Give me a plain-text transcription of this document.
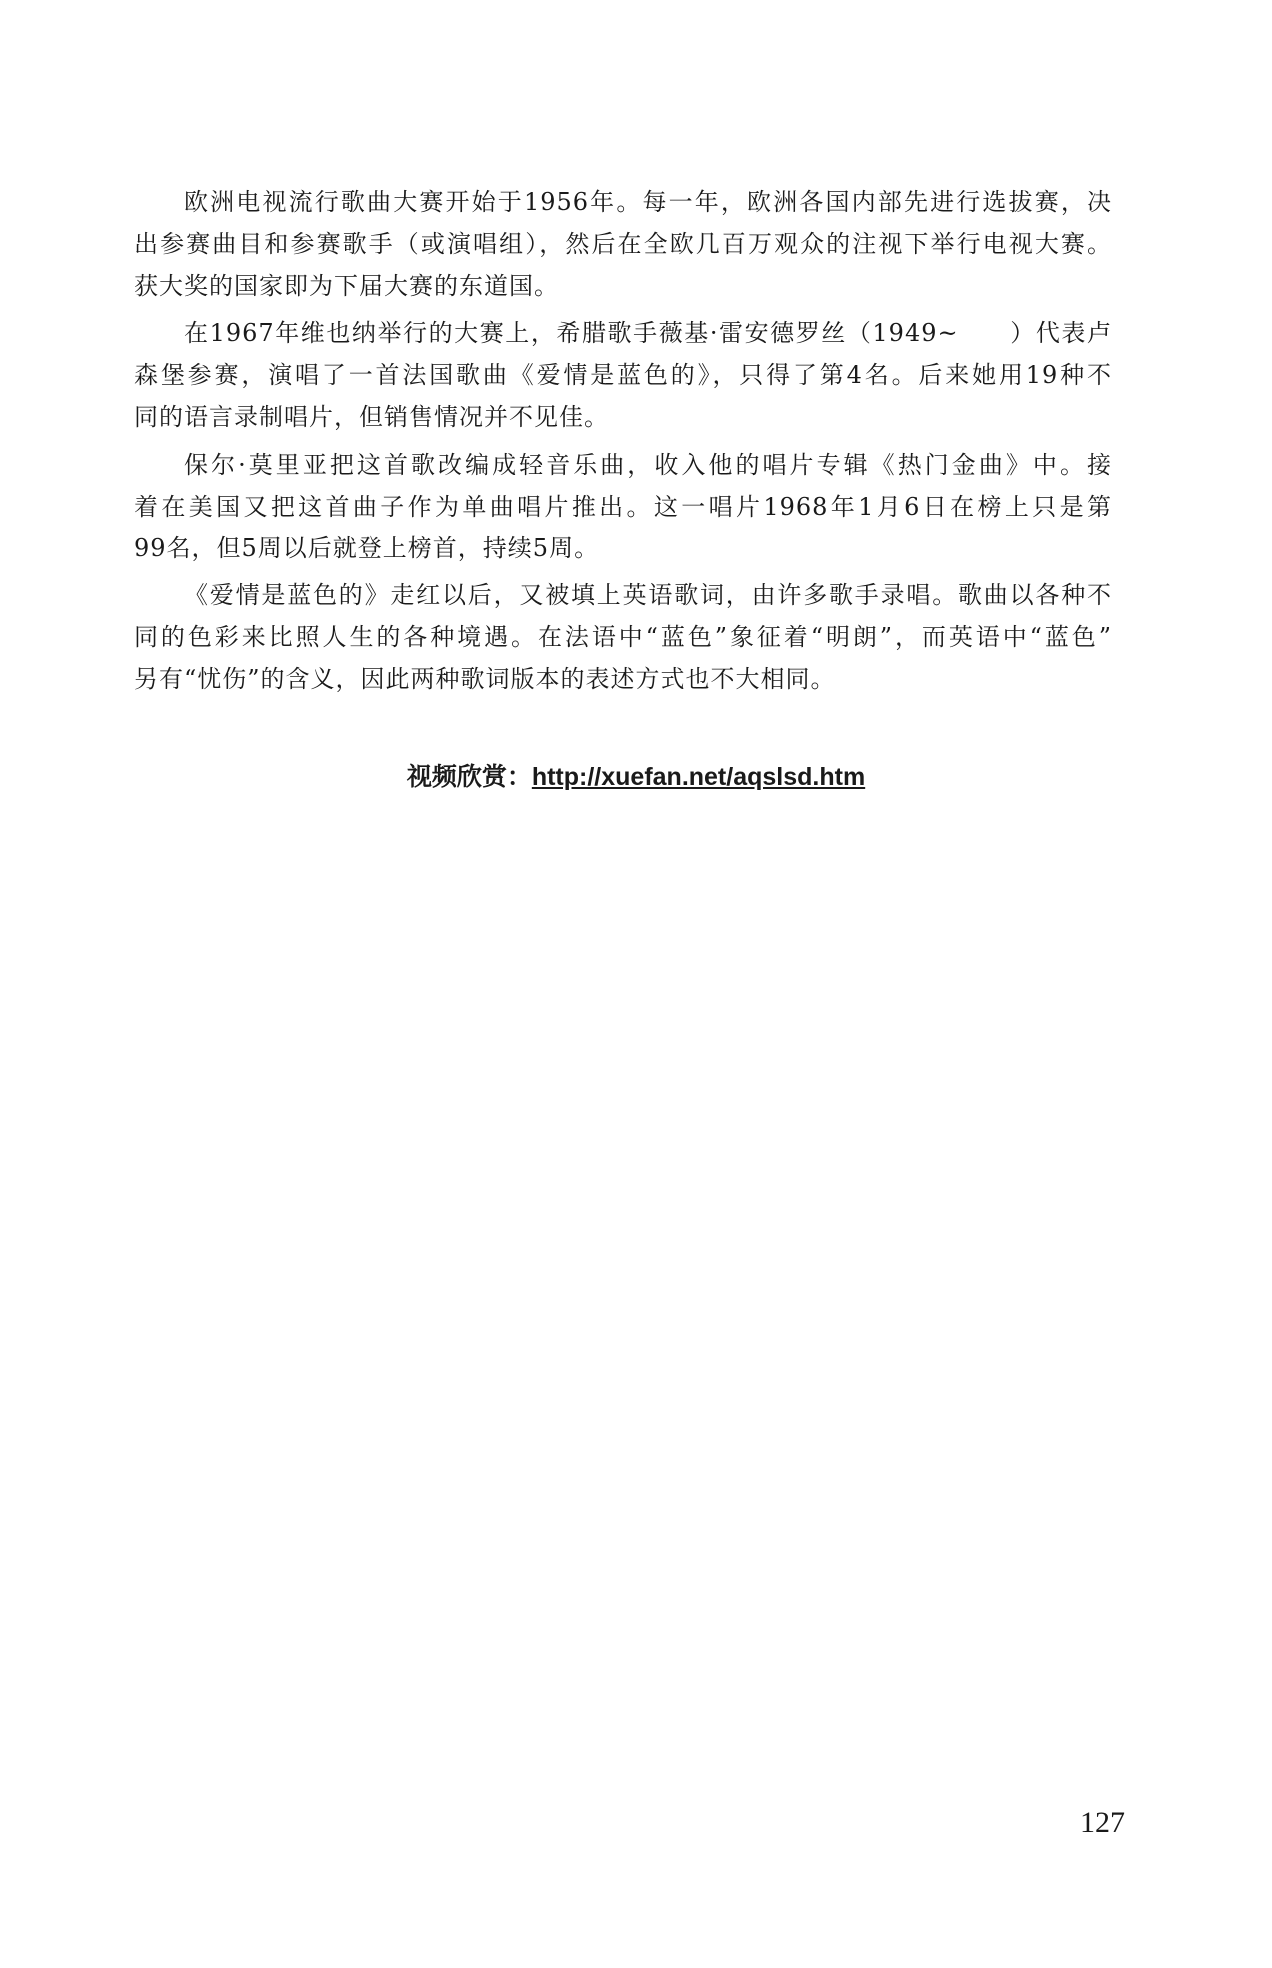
欧洲电视流行歌曲大赛开始于1956年。每一年，欧洲各国内部先进行选拔赛，决
出参赛曲目和参赛歌手（或演唱组），然后在全欧几百万观众的注视下举行电视大赛。
获大奖的国家即为下届大赛的东道国。
在1967年维也纳举行的大赛上，希腊歌手薇基·雷安德罗丝（1949~　　）代表卢
森堡参赛，演唱了一首法国歌曲《爱情是蓝色的》，只得了第4名。后来她用19种不
同的语言录制唱片，但销售情况并不见佳。
保尔·莫里亚把这首歌改编成轻音乐曲，收入他的唱片专辑《热门金曲》中。接
着在美国又把这首曲子作为单曲唱片推出。这一唱片1968年1月6日在榜上只是第
99名，但5周以后就登上榜首，持续5周。
《爱情是蓝色的》走红以后，又被填上英语歌词，由许多歌手录唱。歌曲以各种不
同的色彩来比照人生的各种境遇。在法语中“蓝色”象征着“明朗”，而英语中“蓝色”
另有“忧伤”的含义，因此两种歌词版本的表述方式也不大相同。
视频欣赏：http://xuefan.net/aqslsd.htm
127
